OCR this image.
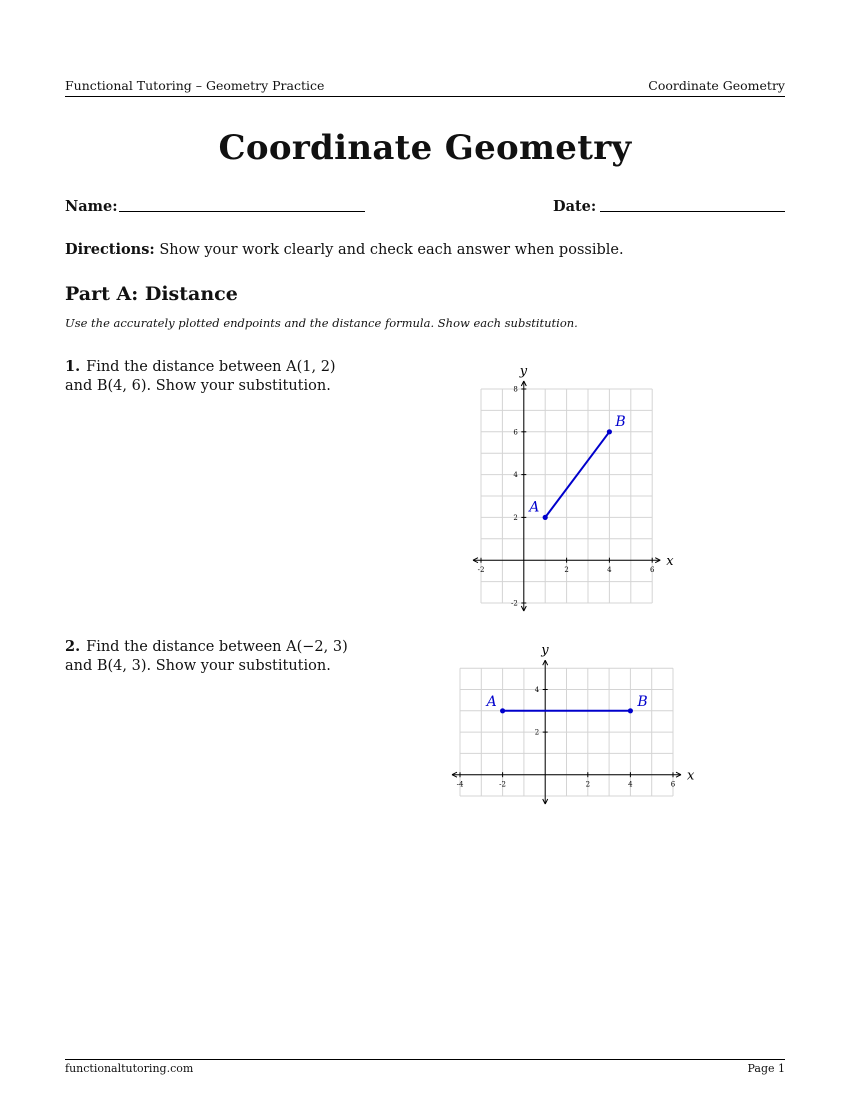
Functional Tutoring – Geometry Practice	Coordinate Geometry
Coordinate Geometry
Name:	Date:
Directions: Show your work clearly and check each answer when possible.
Part A: Distance
Use the accurately plotted endpoints and the distance formula. Show each substitution.
1. Find the distance between A(1, 2)
and B(4, 6). Show your substitution.
2. Find the distance between A(−2, 3)
and B(4, 3). Show your substitution.
x
y
-2	2	4	6
-2
2
4
6
8
A
B
x
y
-4	-2	2	4	6
2
4
A	B
functionaltutoring.com	Page 1
